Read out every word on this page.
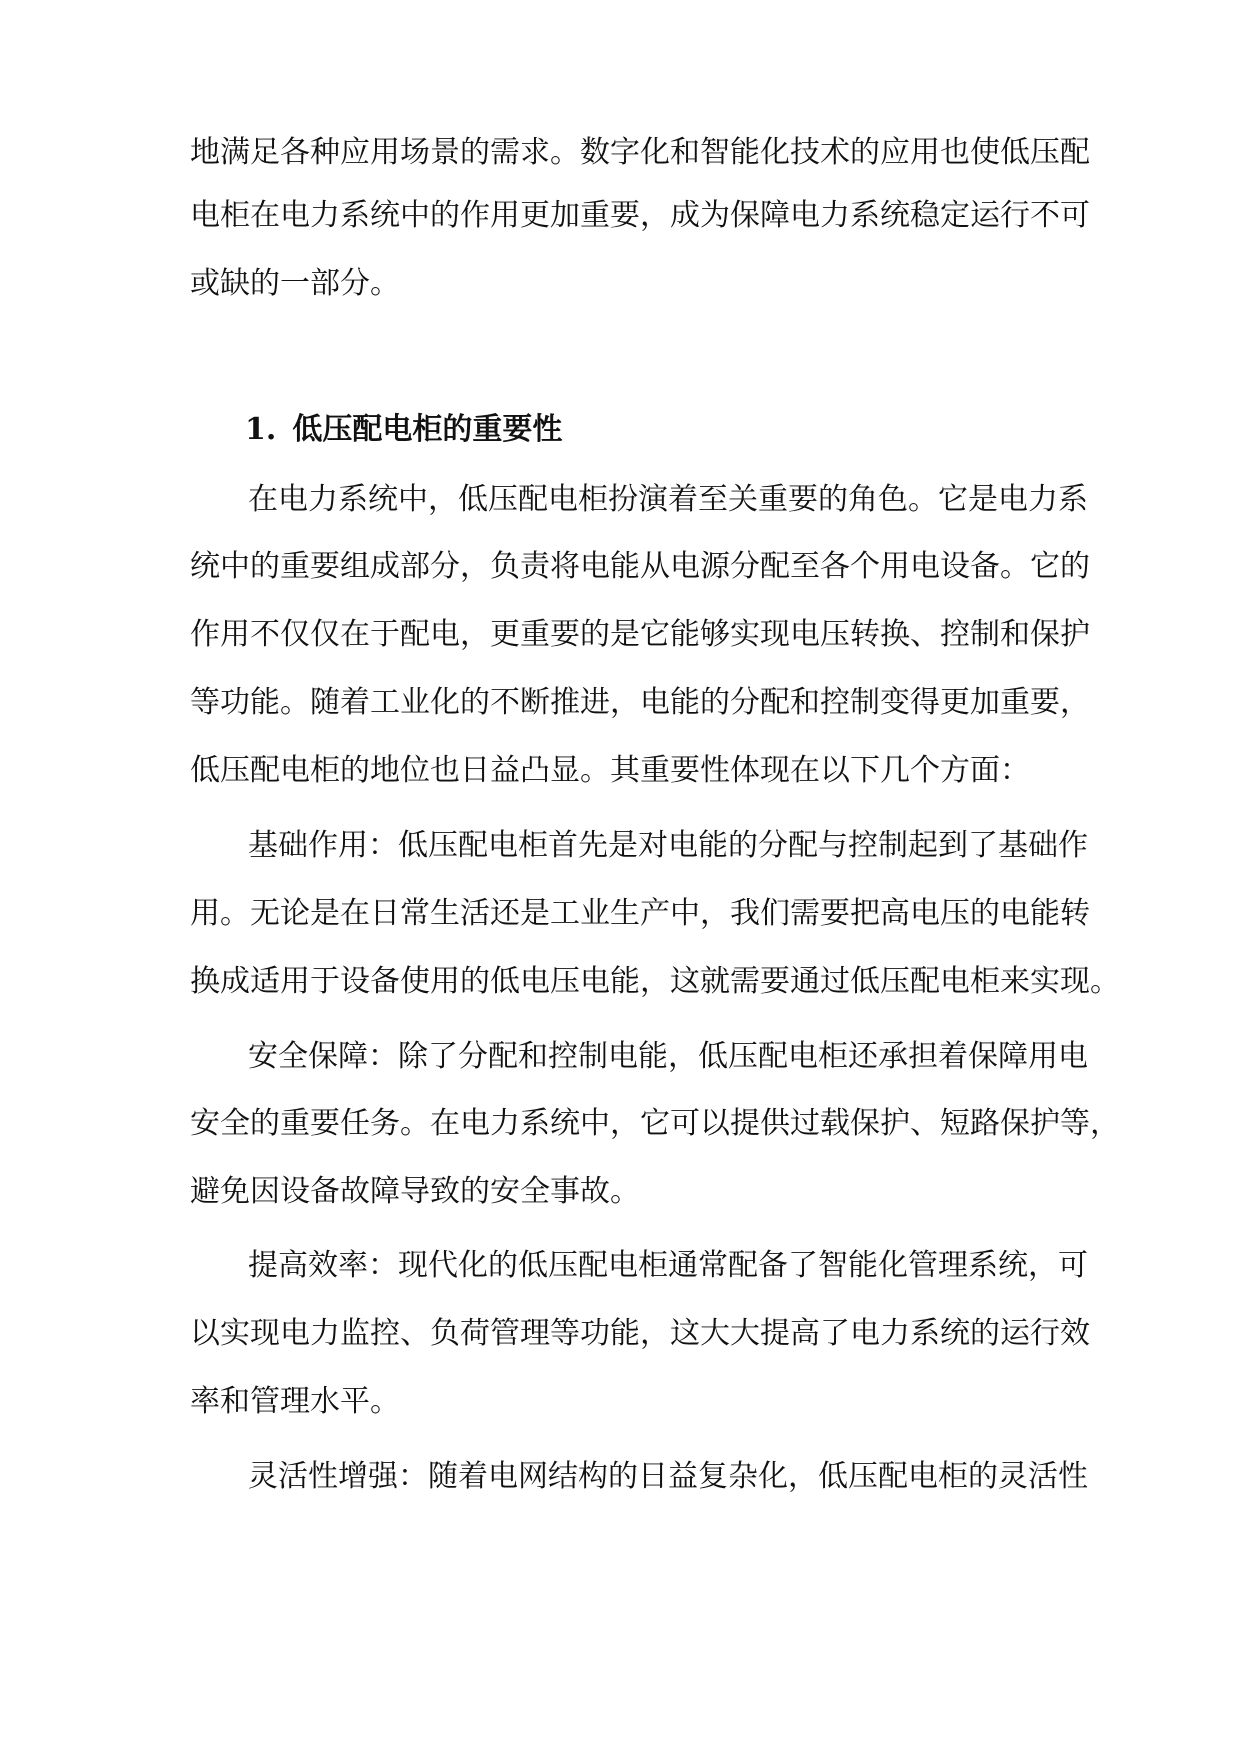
地满足各种应用场景的需求。数字化和智能化技术的应用也使低压配
电柜在电力系统中的作用更加重要，成为保障电力系统稳定运行不可
或缺的一部分。
1. 低压配电柜的重要性
在电力系统中，低压配电柜扮演着至关重要的角色。它是电力系
统中的重要组成部分，负责将电能从电源分配至各个用电设备。它的
作用不仅仅在于配电，更重要的是它能够实现电压转换、控制和保护
等功能。随着工业化的不断推进，电能的分配和控制变得更加重要，
低压配电柜的地位也日益凸显。其重要性体现在以下几个方面：
基础作用：低压配电柜首先是对电能的分配与控制起到了基础作
用。无论是在日常生活还是工业生产中，我们需要把高电压的电能转
换成适用于设备使用的低电压电能，这就需要通过低压配电柜来实现。
安全保障：除了分配和控制电能，低压配电柜还承担着保障用电
安全的重要任务。在电力系统中，它可以提供过载保护、短路保护等，
避免因设备故障导致的安全事故。
提高效率：现代化的低压配电柜通常配备了智能化管理系统，可
以实现电力监控、负荷管理等功能，这大大提高了电力系统的运行效
率和管理水平。
灵活性增强：随着电网结构的日益复杂化，低压配电柜的灵活性
